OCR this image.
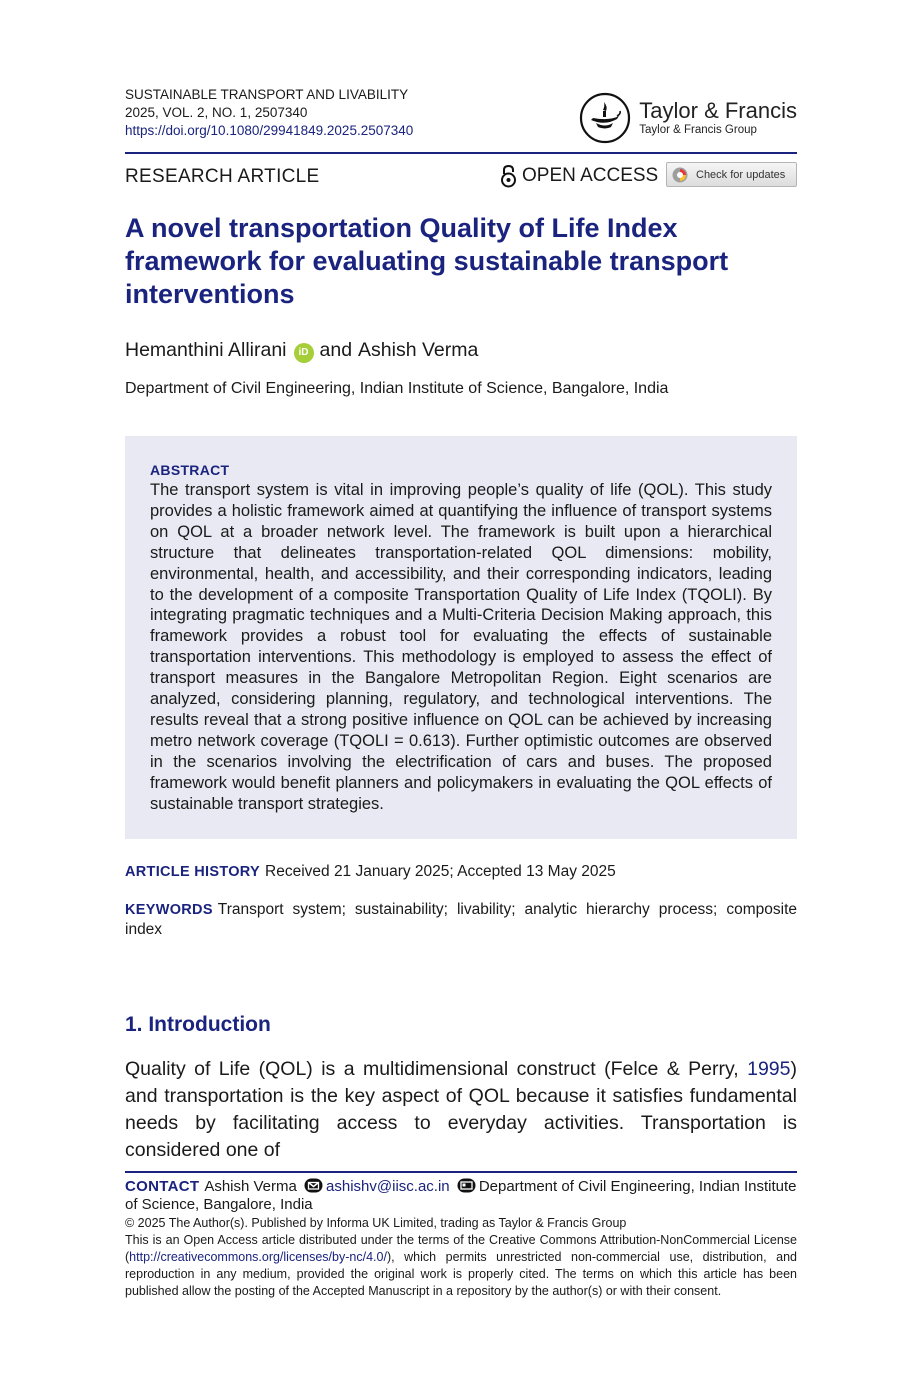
SUSTAINABLE TRANSPORT AND LIVABILITY
2025, VOL. 2, NO. 1, 2507340
https://doi.org/10.1080/29941849.2025.2507340
Taylor & Francis
Taylor & Francis Group
RESEARCH ARTICLE	OPEN ACCESS	Check for updates
A novel transportation Quality of Life Index framework for evaluating sustainable transport interventions
Hemanthini Allirani	iD and Ashish Verma
Department of Civil Engineering, Indian Institute of Science, Bangalore, India
ABSTRACT

The transport system is vital in improving people’s quality of life (QOL). This study provides a holistic framework aimed at quantifying the influence of transport systems on QOL at a broader network level. The framework is built upon a hierarchical structure that delineates transportation-related QOL dimensions: mobility, environmental, health, and accessibility, and their corresponding indicators, leading to the development of a composite Transportation Quality of Life Index (TQOLI). By integrating pragmatic techniques and a Multi-Criteria Decision Making approach, this framework provides a robust tool for evaluating the effects of sustainable transportation interventions. This methodology is employed to assess the effect of transport measures in the Bangalore Metropolitan Region. Eight scenarios are analyzed, considering planning, regulatory, and technological interventions. The results reveal that a strong positive influence on QOL can be achieved by increasing metro network coverage (TQOLI = 0.613). Further optimistic outcomes are observed in the scenarios involving the electrification of cars and buses. The proposed framework would benefit planners and policymakers in evaluating the QOL effects of sustainable transport strategies.

ARTICLE HISTORY Received 21 January 2025; Accepted 13 May 2025
KEYWORDS Transport system; sustainability; livability; analytic hierarchy process; composite index
1. Introduction

Quality of Life (QOL) is a multidimensional construct (Felce & Perry, 1995) and transportation is the key aspect of QOL because it satisfies fundamental needs by facilitating access to everyday activities. Transportation is considered one of

CONTACT Ashish Verma ashishv@iisc.ac.in Department of Civil Engineering, Indian Institute of Science, Bangalore, India
© 2025 The Author(s). Published by Informa UK Limited, trading as Taylor & Francis Group
This is an Open Access article distributed under the terms of the Creative Commons Attribution-NonCommercial License (http://creativecommons.org/licenses/by-nc/4.0/), which permits unrestricted non-commercial use, distribution, and reproduction in any medium, provided the original work is properly cited. The terms on which this article has been published allow the posting of the Accepted Manuscript in a repository by the author(s) or with their consent.
